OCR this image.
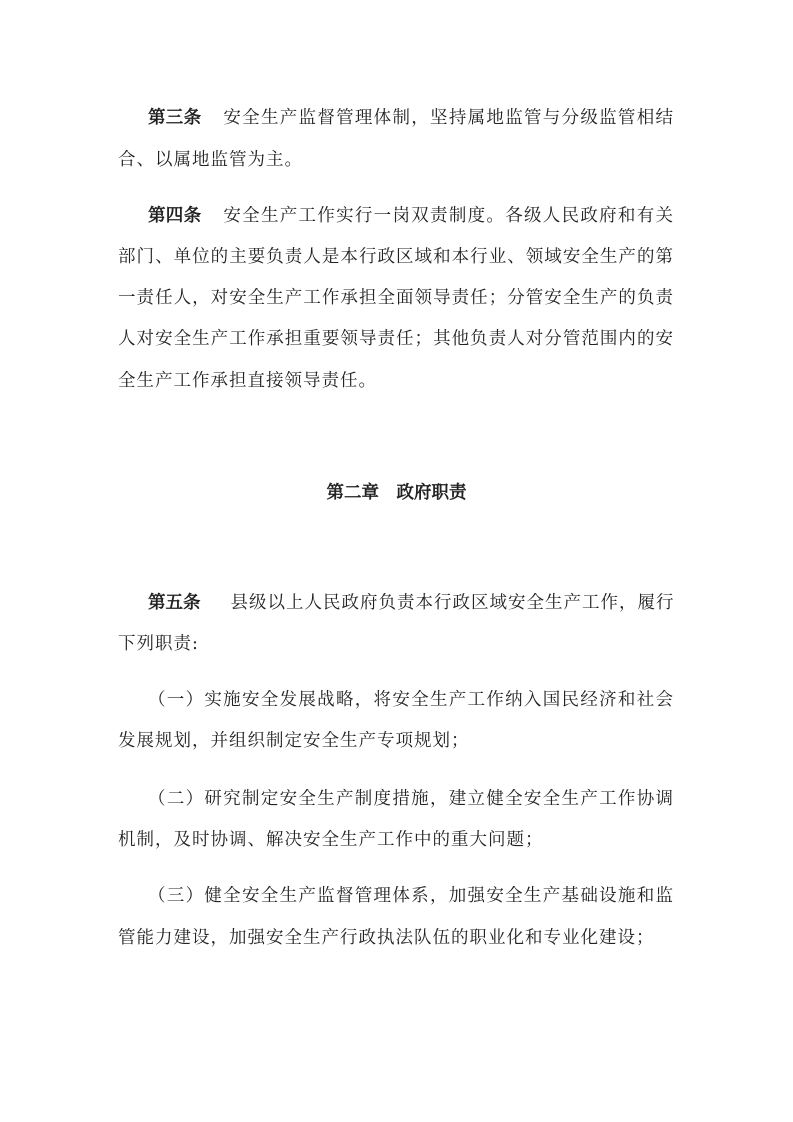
第三条 安全生产监督管理体制，坚持属地监管与分级监管相结
合、以属地监管为主。
第四条 安全生产工作实行一岗双责制度。各级人民政府和有关
部门、单位的主要负责人是本行政区域和本行业、领域安全生产的第
一责任人，对安全生产工作承担全面领导责任；分管安全生产的负责
人对安全生产工作承担重要领导责任；其他负责人对分管范围内的安
全生产工作承担直接领导责任。
第二章　政府职责
第五条 县级以上人民政府负责本行政区域安全生产工作，履行
下列职责:
（一）实施安全发展战略，将安全生产工作纳入国民经济和社会
发展规划，并组织制定安全生产专项规划；
（二）研究制定安全生产制度措施，建立健全安全生产工作协调
机制，及时协调、解决安全生产工作中的重大问题；
（三）健全安全生产监督管理体系，加强安全生产基础设施和监
管能力建设，加强安全生产行政执法队伍的职业化和专业化建设；
